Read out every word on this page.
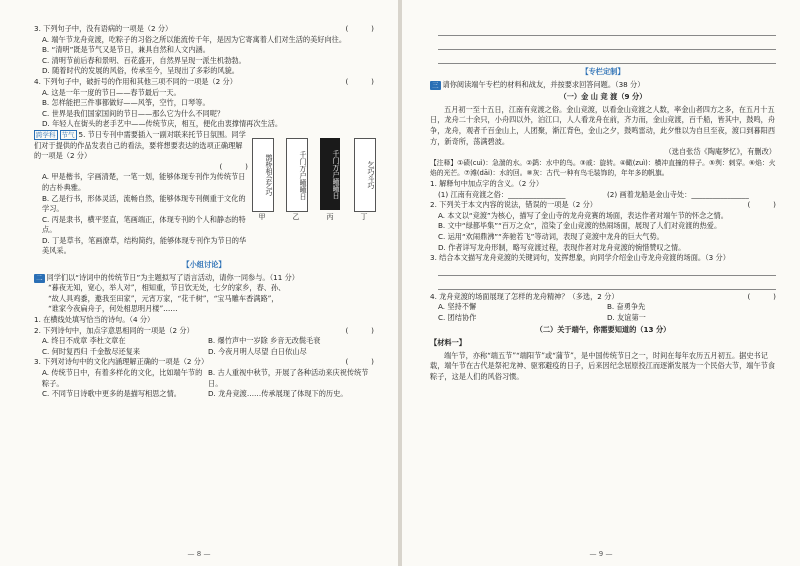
3. 下列句子中，没有语病的一项是（2 分）	(          )
A. 端午节龙舟竞渡，吃粽子的习俗之所以能流传千年，是因为它寄寓着人们对生活的美好向往。
B. “清明”既是节气又是节日，兼具自然和人文内涵。
C. 清明节前后春和景明、百花盛开，自然界呈现一派生机勃勃。
D. 随着时代的发展的风俗，传承至今，呈现出了多彩的风貌。
4. 下列句子中，破折号的作用和其他三项不同的一项是（2 分）	(          )
A. 这是一年一度的节日——春节最后一天。
B. 怎样能把三件事都做好——风筝，空竹，口琴等。
C. 世界是我们国家国间的节日——那么它为什么不同呢？
D. 年轻人在街头的老手艺中——传统节庆，相互，便化由衷撑情再次生活。
跨学科 节气 5. 节日专刊中需要插入一副对联来托节日氛围。同学们对于提供的作品发表自己的看法，要将想要表达的选项正确理解的一项是（2 分）
(          )
A. 甲是楷书，字画清楚，一笔一划，能够体现专刊作为传统节日的古朴典雅。
B. 乙是行书，形体灵活，流畅自然，能够体现专刊侧重于文化的学习。
C. 丙是隶书，横平竖直，笔画端正，体现专刊的个人和静态的特点。
D. 丁是草书，笔画潦草，结构简约，能够体现专刊作为节日的华美风采。
【小组讨论】
二 同学们以“诗词中的传统节日”为主题拟写了语言活动，请你一同参与。（11 分）
“暮夜无知，宽心，举人对”，相知重，节日饮无处，七夕的家乡，春、孙、
“故人具鸡黍，邀我至田家”，元宵万家，“花千树”，“宝马雕车香满路”，
“谁家今夜扁舟子，何处相思明月楼”……
1. 在横线处填写恰当的诗句。（4 分）
2. 下列诗句中，加点字意思相同的一项是（2 分）	(          )
A. 终日不成章 李杜文章在	B. 爆竹声中一岁除 乡音无改鬓毛衰
C. 何时复西归 千金散尽还复来	D. 今夜月明人尽望 白日依山尽
3. 下列对诗句中的文化内涵理解正确的一项是（2 分）	(          )
A. 传统节日中，有着多样化的文化，比如端午节的粽子。
B. 古人重视中秋节，开展了各种活动来庆祝传统节日。
C. 不同节日诗歌中更多的是描写相思之情。	D. 龙舟竞渡……传承展现了体现下的历史。
鹊桥相会乞巧	千门万户曈曈日	千门万户曈曈日	乞巧斗巧
甲	乙	丙	丁
— 8 —
【专栏定制】
三 请你阅读端午专栏的材料和战友，并按要求回答问题。（38 分）
（一）金 山 竞 渡（9 分）
五月初一至十五日，江南有竞渡之俗。金山竞渡，以看金山竞渡之人数，率金山者四方之多，在五月十五日，龙舟二十余只，小舟四以外，泊江口，人人看龙舟在前，齐力而，金山竞渡，百千船，皆其中，鼓鸣，舟争，龙舟，观者千百金山上，人团聚，渐江背色，金山之夕，鼓鸣雷动，此夕惟以为自旦至夜，渡口到暮阳西方，新奇所，荡满碧波。
（选自张岱《陶庵梦忆》，有删改）
【注释】①碛(cuì)：急湍的水。②鹢：水中的鸟。③戚：旋转。④瞰(zuì)：横冲直撞的样子。⑤刿：刺穿。⑥焰：火焰的光芒。⑦滩(dāi)：水的回。⑧灰：古代一种有鸟毛装饰的，年年多的帆旗。
1. 解释句中加点字的含义。（2 分）
(1) 江南有竞渡之俗：________________	(2) 画着龙船是金山寺处：________________
2. 下列关于本文内容的说法，错误的一项是（2 分）	(          )
A. 本文以“竞渡”为核心，描写了金山寺的龙舟竞赛的场面，表达作者对端午节的怀念之情。
B. 文中“绿都毕集”“百万之众”，渲染了金山竞渡的热闹场面，展现了人们对竞渡的热爱。
C. 运用“欢闹鼎沸”“奔驰若飞”等动词，表现了竞渡中龙舟的巨大气势。
D. 作者详写龙舟形制，略写竞渡过程，表现作者对龙舟竞渡的惋惜赞叹之情。
3. 结合本文描写龙舟竞渡的关键词句，发挥想象，向同学介绍金山寺龙舟竞渡的场面。（3 分）
4. 龙舟竞渡的场面展现了怎样的龙舟精神？（多选，2 分）	(          )
A. 坚持不懈	B. 奋勇争先
C. 团结协作	D. 友谊第一
（二）关于端午，你需要知道的（13 分）
【材料一】
端午节，亦称“端五节”“端阳节”或“蒲节”，是中国传统节日之一，时间在每年农历五月初五。据史书记载，端午节在古代是祭祀龙神、驱邪避疫的日子，后来因纪念屈原投江而逐渐发展为一个民俗大节，端午节食粽子，这是人们的风俗习惯。
— 9 —
